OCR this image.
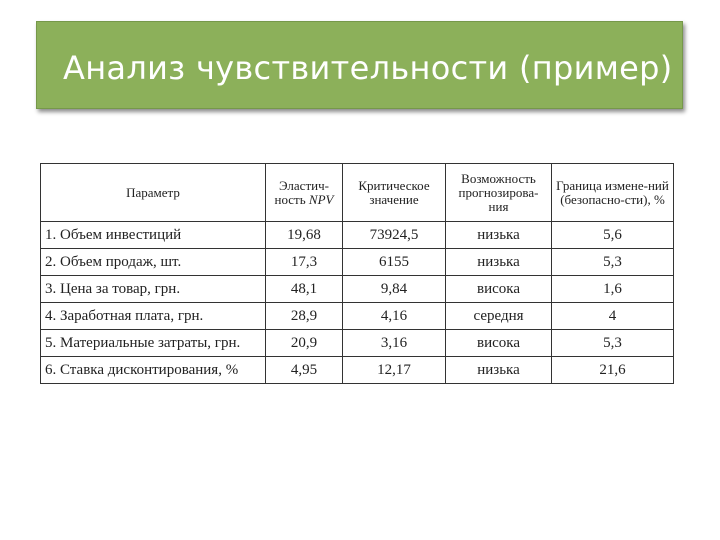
Анализ чувствительности (пример)
Параметр	Эластич-ность NPV	Критическое значение	Возможность прогнозирова-ния	Граница измене-ний (безопасно-сти), %
1. Объем инвестиций	19,68	73924,5	низька	5,6
2. Объем продаж, шт.	17,3	6155	низька	5,3
3. Цена за товар, грн.	48,1	9,84	висока	1,6
4. Заработная плата, грн.	28,9	4,16	середня	4
5. Материальные затраты, грн.	20,9	3,16	висока	5,3
6. Ставка дисконтирования, %	4,95	12,17	низька	21,6
